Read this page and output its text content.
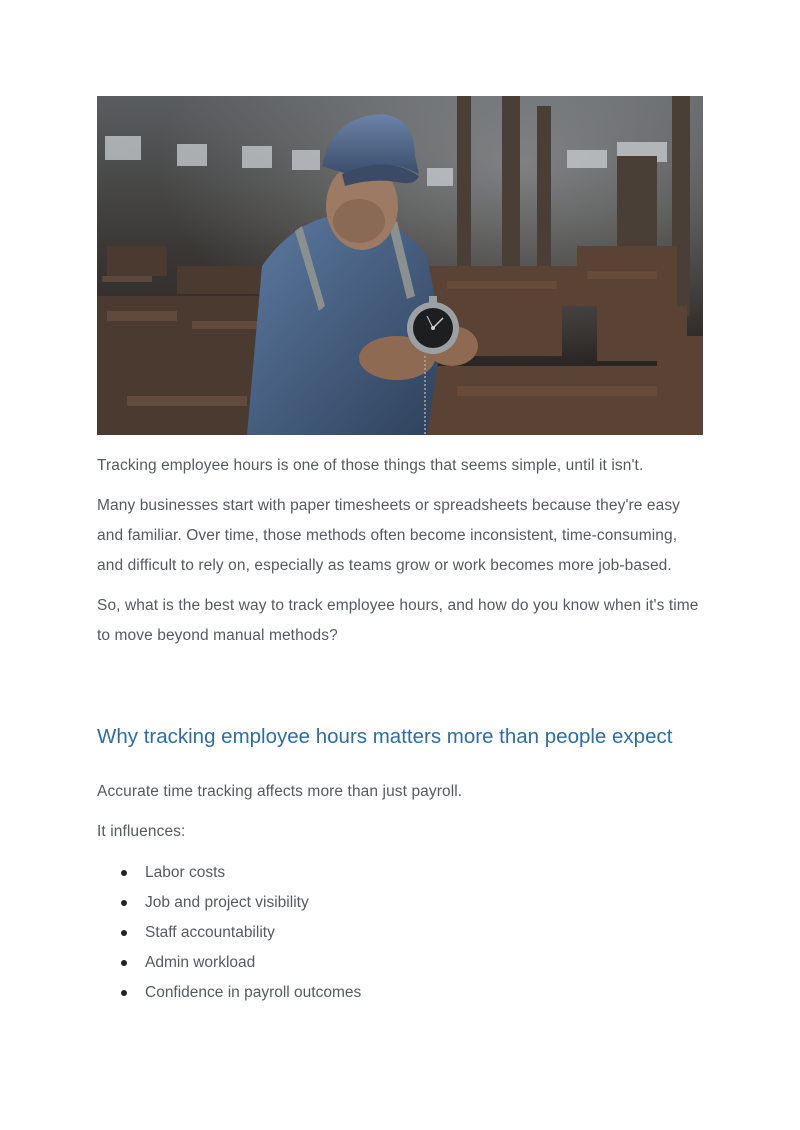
Tracking employee hours is one of those things that seems simple, until it isn't.

Many businesses start with paper timesheets or spreadsheets because they're easy and familiar. Over time, those methods often become inconsistent, time-consuming, and difficult to rely on, especially as teams grow or work becomes more job-based.

So, what is the best way to track employee hours, and how do you know when it's time to move beyond manual methods?

Why tracking employee hours matters more than people expect

Accurate time tracking affects more than just payroll.

It influences:

Labor costs
Job and project visibility
Staff accountability
Admin workload
Confidence in payroll outcomes
